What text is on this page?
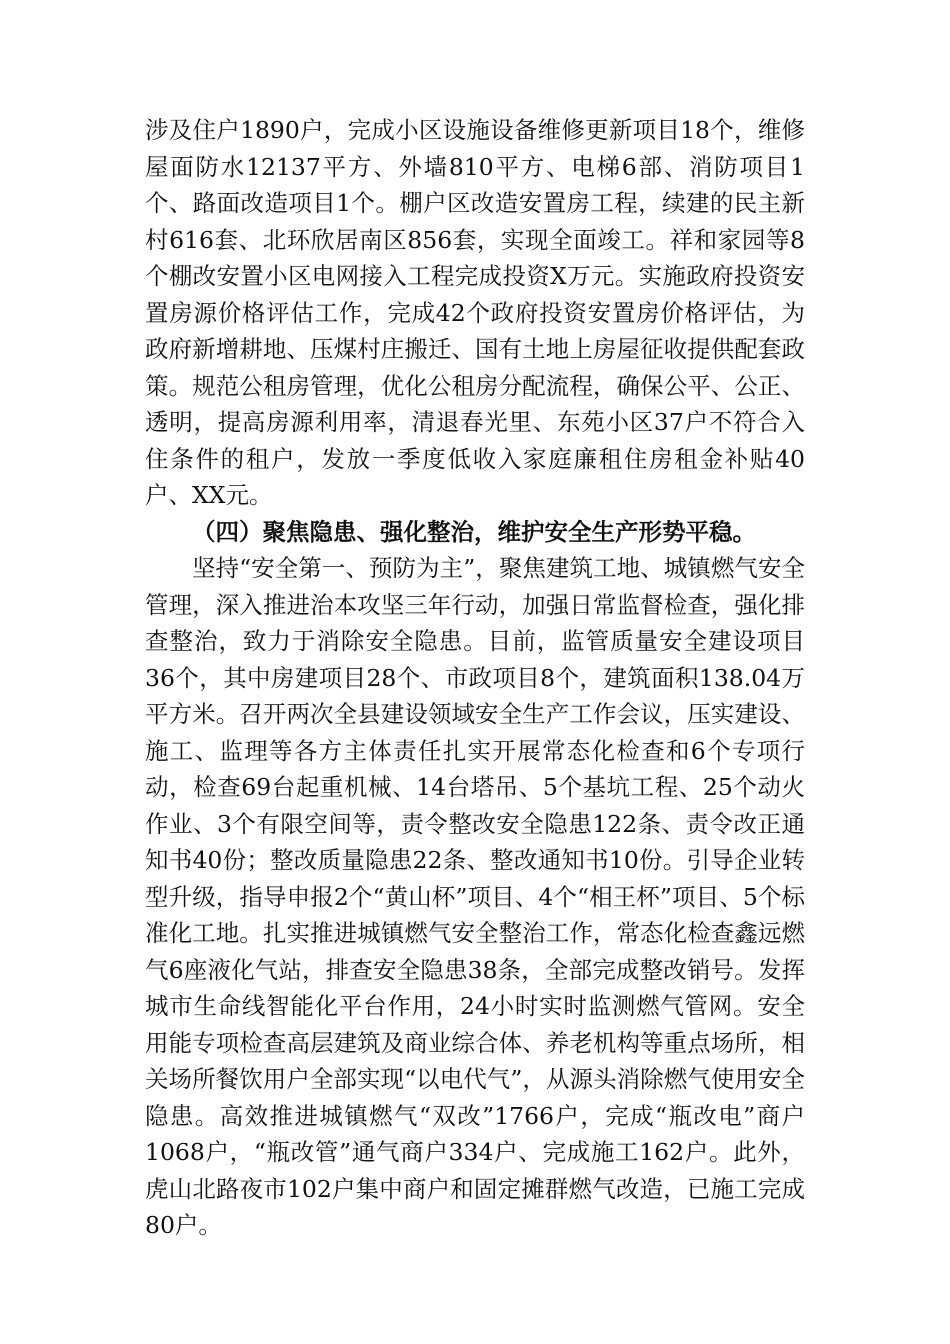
涉及住户1890户，完成小区设施设备维修更新项目18个，维修屋面防水12137平方、外墙810平方、电梯6部、消防项目1个、路面改造项目1个。棚户区改造安置房工程，续建的民主新村616套、北环欣居南区856套，实现全面竣工。祥和家园等8个棚改安置小区电网接入工程完成投资X万元。实施政府投资安置房源价格评估工作，完成42个政府投资安置房价格评估，为政府新增耕地、压煤村庄搬迁、国有土地上房屋征收提供配套政策。规范公租房管理，优化公租房分配流程，确保公平、公正、透明，提高房源利用率，清退春光里、东苑小区37户不符合入住条件的租户，发放一季度低收入家庭廉租住房租金补贴40户、XX元。

（四）聚焦隐患、强化整治，维护安全生产形势平稳。

坚持“安全第一、预防为主”，聚焦建筑工地、城镇燃气安全管理，深入推进治本攻坚三年行动，加强日常监督检查，强化排查整治，致力于消除安全隐患。目前，监管质量安全建设项目36个，其中房建项目28个、市政项目8个，建筑面积138.04万平方米。召开两次全县建设领域安全生产工作会议，压实建设、施工、监理等各方主体责任扎实开展常态化检查和6个专项行动，检查69台起重机械、14台塔吊、5个基坑工程、25个动火作业、3个有限空间等，责令整改安全隐患122条、责令改正通知书40份；整改质量隐患22条、整改通知书10份。引导企业转型升级，指导申报2个“黄山杯”项目、4个“相王杯”项目、5个标准化工地。扎实推进城镇燃气安全整治工作，常态化检查鑫远燃气6座液化气站，排查安全隐患38条，全部完成整改销号。发挥城市生命线智能化平台作用，24小时实时监测燃气管网。安全用能专项检查高层建筑及商业综合体、养老机构等重点场所，相关场所餐饮用户全部实现“以电代气”，从源头消除燃气使用安全隐患。高效推进城镇燃气“双改”1766户，完成“瓶改电”商户1068户，“瓶改管”通气商户334户、完成施工162户。此外，虎山北路夜市102户集中商户和固定摊群燃气改造，已施工完成80户。
